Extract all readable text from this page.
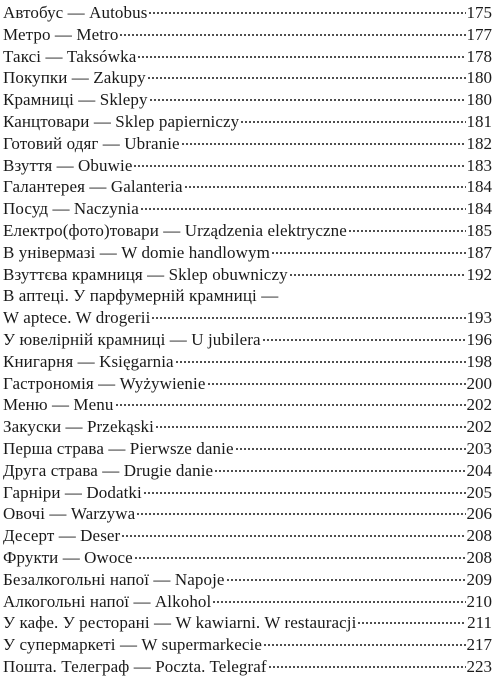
Автобус — Autobus	175
Метро — Metro	177
Таксі — Taksówka	178
Покупки — Zakupy	180
Крамниці — Sklepy	180
Канцтовари — Sklep papierniczy	181
Готовий одяг — Ubranie	182
Взуття — Obuwie	183
Галантерея — Galanteria	184
Посуд — Naczynia	184
Електро(фото)товари — Urządzenia elektryczne	185
В універмазі — W domie handlowym	187
Взуттєва крамниця — Sklep obuwniczy	192
В аптеці. У парфумерній крамниці —
W aptece. W drogerii	193
У ювелірній крамниці — U jubilera	196
Книгарня — Księgarnia	198
Гастрономія — Wyżywienie	200
Меню — Menu	202
Закуски — Przekąski	202
Перша страва — Pierwsze danie	203
Друга страва — Drugie danie	204
Гарніри — Dodatki	205
Овочі — Warzywa	206
Десерт — Deser	208
Фрукти — Owoce	208
Безалкогольні напої — Napoje	209
Алкогольні напої — Alkohol	210
У кафе. У ресторані — W kawiarni. W restauracji	211
У супермаркеті — W supermarkecie	217
Пошта. Телеграф — Poczta. Telegraf	223
